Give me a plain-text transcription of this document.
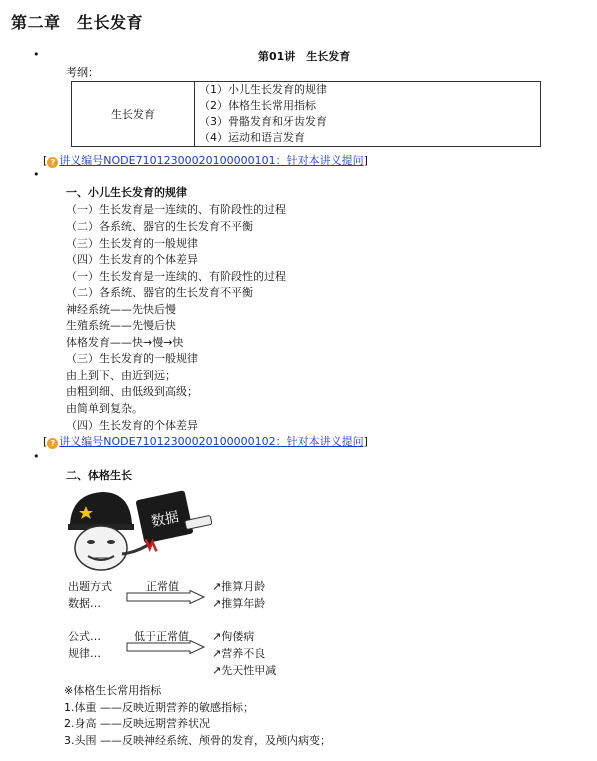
第二章　生长发育
•	第01讲　生长发育
考纲：
生长发育	
（1）小儿生长发育的规律
（2）体格生长常用指标
（3）骨骼发育和牙齿发育
（4）运动和语言发育
[ ? 讲义编号NODE71012300020100000101：针对本讲义提问]
•
一、小儿生长发育的规律
（一）生长发育是一连续的、有阶段性的过程
（二）各系统、器官的生长发育不平衡
（三）生长发育的一般规律
（四）生长发育的个体差异
（一）生长发育是一连续的、有阶段性的过程
（二）各系统、器官的生长发育不平衡
神经系统——先快后慢
生殖系统——先慢后快
体格发育——快→慢→快
（三）生长发育的一般规律
由上到下、由近到远；
由粗到细、由低级到高级；
由简单到复杂。
（四）生长发育的个体差异
[ ? 讲义编号NODE71012300020100000102：针对本讲义提问]
•
二、体格生长
数据
出题方式
数据…
正常值	↗推算月龄
↗推算年龄
公式…
规律…
低于正常值 ↗佝偻病
↗营养不良
↗先天性甲减
※体格生长常用指标
1.体重 ——反映近期营养的敏感指标；
2.身高 ——反映远期营养状况
3.头围 ——反映神经系统、颅骨的发育，及颅内病变；
